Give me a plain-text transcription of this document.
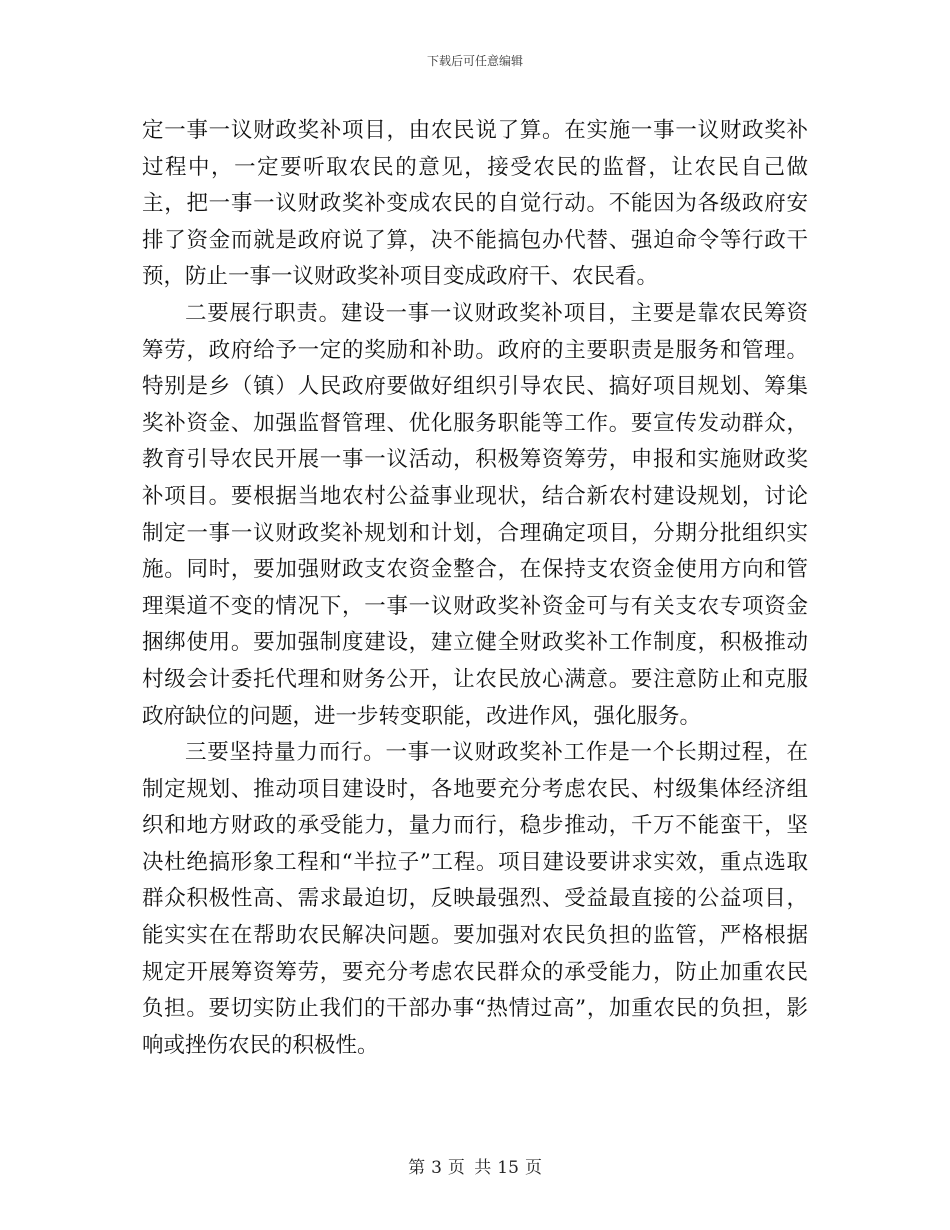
下载后可任意编辑

定一事一议财政奖补项目，由农民说了算。在实施一事一议财政奖补过程中，一定要听取农民的意见，接受农民的监督，让农民自己做主，把一事一议财政奖补变成农民的自觉行动。不能因为各级政府安排了资金而就是政府说了算，决不能搞包办代替、强迫命令等行政干预，防止一事一议财政奖补项目变成政府干、农民看。

二要展行职责。建设一事一议财政奖补项目，主要是靠农民筹资筹劳，政府给予一定的奖励和补助。政府的主要职责是服务和管理。特别是乡（镇）人民政府要做好组织引导农民、搞好项目规划、筹集奖补资金、加强监督管理、优化服务职能等工作。要宣传发动群众，教育引导农民开展一事一议活动，积极筹资筹劳，申报和实施财政奖补项目。要根据当地农村公益事业现状，结合新农村建设规划，讨论制定一事一议财政奖补规划和计划，合理确定项目，分期分批组织实施。同时，要加强财政支农资金整合，在保持支农资金使用方向和管理渠道不变的情况下，一事一议财政奖补资金可与有关支农专项资金捆绑使用。要加强制度建设，建立健全财政奖补工作制度，积极推动村级会计委托代理和财务公开，让农民放心满意。要注意防止和克服政府缺位的问题，进一步转变职能，改进作风，强化服务。

三要坚持量力而行。一事一议财政奖补工作是一个长期过程，在制定规划、推动项目建设时，各地要充分考虑农民、村级集体经济组织和地方财政的承受能力，量力而行，稳步推动，千万不能蛮干，坚决杜绝搞形象工程和“半拉子”工程。项目建设要讲求实效，重点选取群众积极性高、需求最迫切，反映最强烈、受益最直接的公益项目，能实实在在帮助农民解决问题。要加强对农民负担的监管，严格根据规定开展筹资筹劳，要充分考虑农民群众的承受能力，防止加重农民负担。要切实防止我们的干部办事“热情过高”，加重农民的负担，影响或挫伤农民的积极性。

第 3 页 共 15 页
